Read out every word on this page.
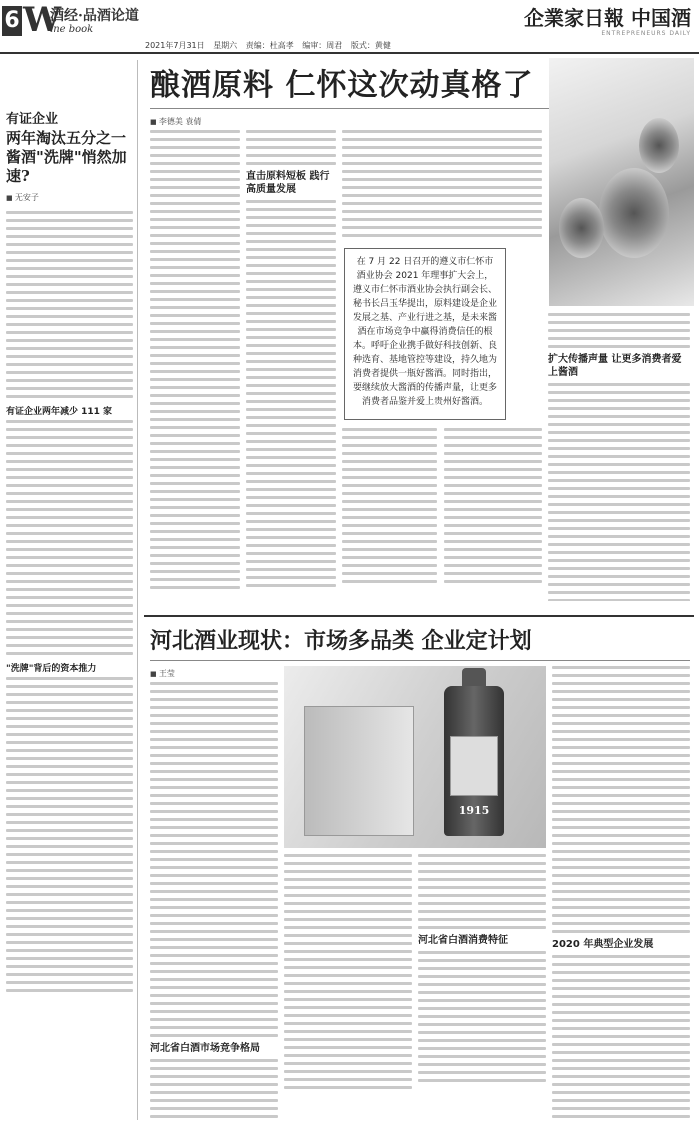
6 W
酒经·品酒论道
ine book
2021年7月31日 星期六 责编：杜高孝 编审：周君 版式：黄健
企業家日報 中国酒
ENTREPRENEURS DAILY
有证企业
两年淘汰五分之一 酱酒"洗牌"悄然加速?
■ 无安子
有证企业两年减少 111 家
"洗牌"背后的资本推力
酿酒原料 仁怀这次动真格了
■ 李德美 袁倩
直击原料短板 践行高质量发展
在 7 月 22 日召开的遵义市仁怀市酒业协会 2021 年理事扩大会上，遵义市仁怀市酒业协会执行副会长、秘书长吕玉华提出，原料建设是企业发展之基、产业行进之基，是未来酱酒在市场竞争中赢得消费信任的根本。呼吁企业携手做好科技创新、良种选育、基地管控等建设，持久地为消费者提供一瓶好酱酒。同时指出，要继续放大酱酒的传播声量，让更多消费者品鉴并爱上贵州好酱酒。
扩大传播声量 让更多消费者爱上酱酒
河北酒业现状：市场多品类 企业定计划
■ 王莹
河北省白酒市场竞争格局
1915
河北省白酒消费特征	2020 年典型企业发展
